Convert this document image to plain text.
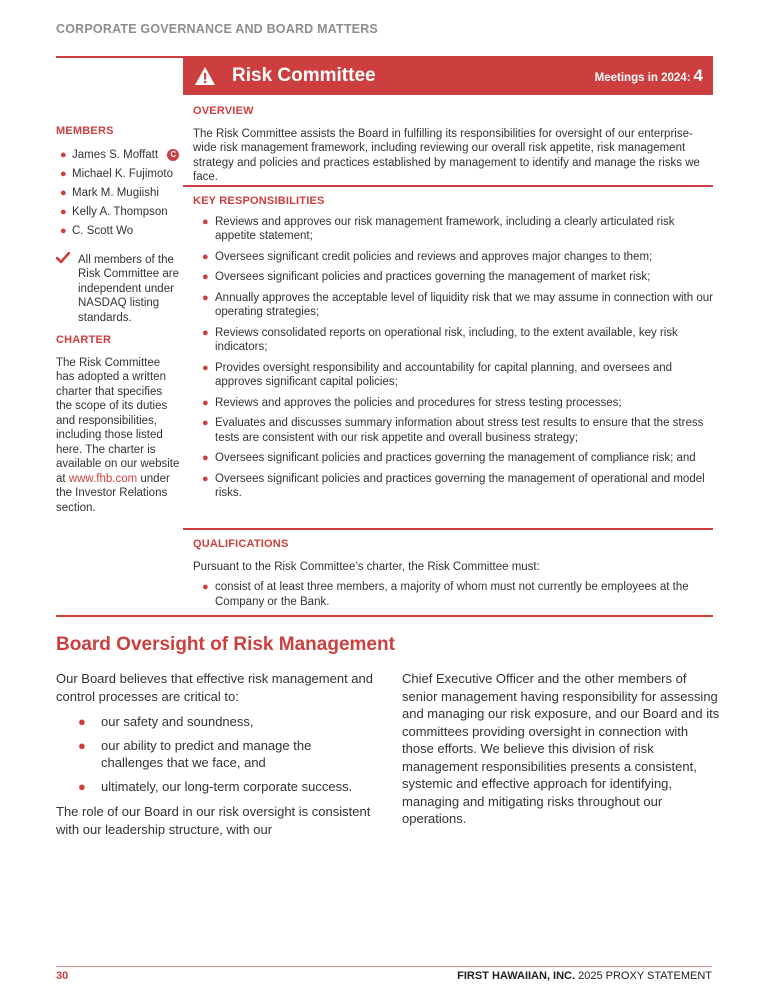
CORPORATE GOVERNANCE AND BOARD MATTERS
Risk Committee	Meetings in 2024: 4
MEMBERS
● James S. Moffatt C
● Michael K. Fujimoto
● Mark M. Mugiishi
● Kelly A. Thompson
● C. Scott Wo
All members of the Risk Committee are independent under NASDAQ listing standards.
CHARTER
The Risk Committee has adopted a written charter that specifies the scope of its duties and responsibilities, including those listed here. The charter is available on our website at www.fhb.com under the Investor Relations section.
OVERVIEW

The Risk Committee assists the Board in fulfilling its responsibilities for oversight of our enterprise-wide risk management framework, including reviewing our overall risk appetite, risk management strategy and policies and practices established by management to identify and manage the risks we face.

KEY RESPONSIBILITIES
● Reviews and approves our risk management framework, including a clearly articulated risk appetite statement;
● Oversees significant credit policies and reviews and approves major changes to them;
● Oversees significant policies and practices governing the management of market risk;
● Annually approves the acceptable level of liquidity risk that we may assume in connection with our operating strategies;
● Reviews consolidated reports on operational risk, including, to the extent available, key risk indicators;
● Provides oversight responsibility and accountability for capital planning, and oversees and approves significant capital policies;
● Reviews and approves the policies and procedures for stress testing processes;
● Evaluates and discusses summary information about stress test results to ensure that the stress tests are consistent with our risk appetite and overall business strategy;
● Oversees significant policies and practices governing the management of compliance risk; and
● Oversees significant policies and practices governing the management of operational and model risks.
QUALIFICATIONS

Pursuant to the Risk Committee’s charter, the Risk Committee must:

● consist of at least three members, a majority of whom must not currently be employees at the Company or the Bank.
Board Oversight of Risk Management

Our Board believes that effective risk management and control processes are critical to:

● our safety and soundness,
● our ability to predict and manage the challenges that we face, and
● ultimately, our long-term corporate success.

The role of our Board in our risk oversight is consistent with our leadership structure, with our

Chief Executive Officer and the other members of senior management having responsibility for assessing and managing our risk exposure, and our Board and its committees providing oversight in connection with those efforts. We believe this division of risk management responsibilities presents a consistent, systemic and effective approach for identifying, managing and mitigating risks throughout our operations.

30	FIRST HAWAIIAN, INC. 2025 PROXY STATEMENT
